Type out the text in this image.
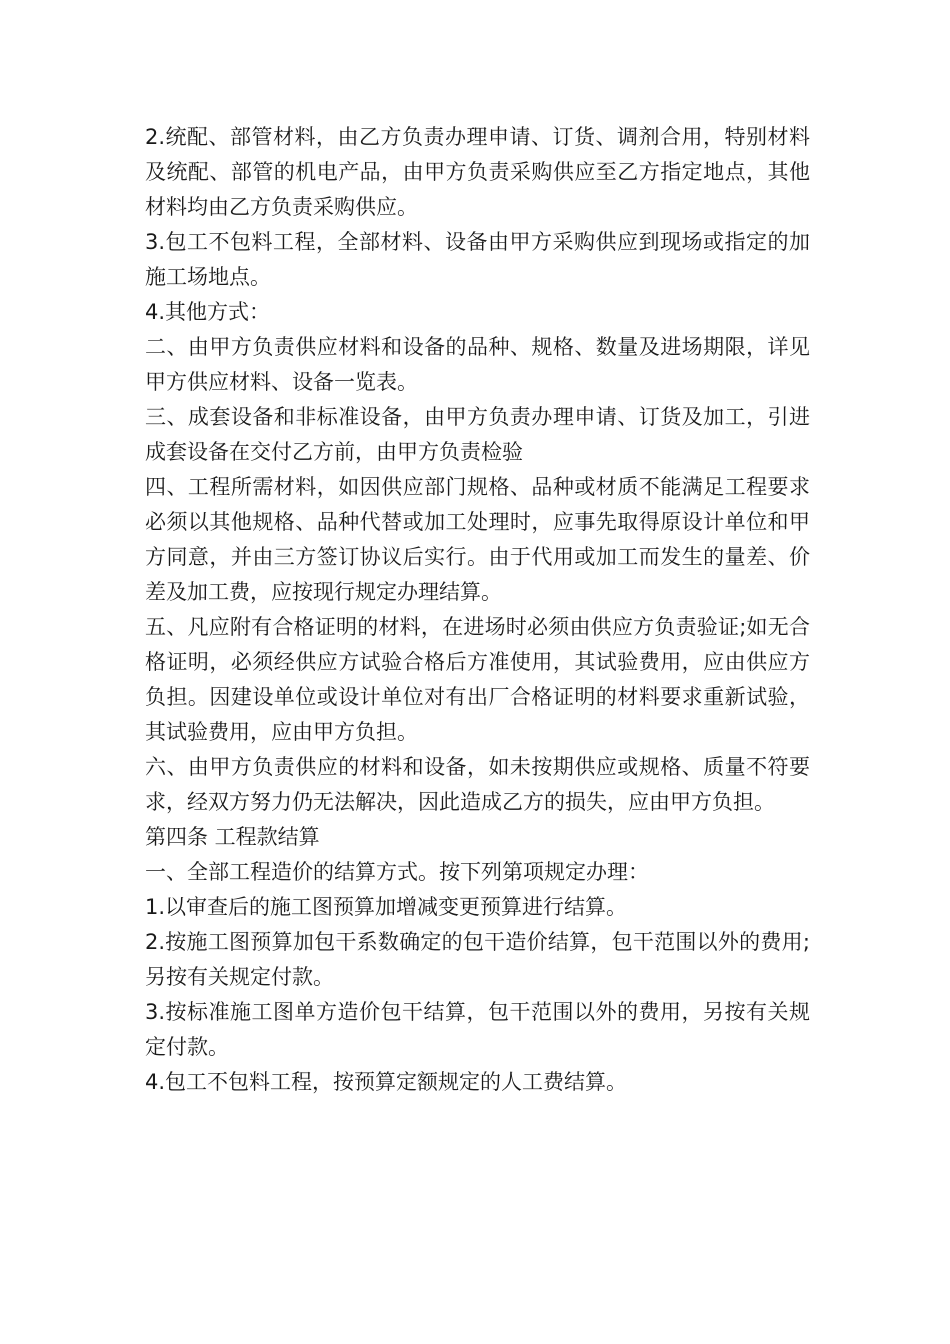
2.统配、部管材料，由乙方负责办理申请、订货、调剂合用，特别材料及统配、部管的机电产品，由甲方负责采购供应至乙方指定地点，其他材料均由乙方负责采购供应。

3.包工不包料工程，全部材料、设备由甲方采购供应到现场或指定的加施工场地点。

4.其他方式：

二、由甲方负责供应材料和设备的品种、规格、数量及进场期限，详见甲方供应材料、设备一览表。

三、成套设备和非标准设备，由甲方负责办理申请、订货及加工，引进成套设备在交付乙方前，由甲方负责检验

四、工程所需材料，如因供应部门规格、品种或材质不能满足工程要求必须以其他规格、品种代替或加工处理时，应事先取得原设计单位和甲方同意，并由三方签订协议后实行。由于代用或加工而发生的量差、价差及加工费，应按现行规定办理结算。

五、凡应附有合格证明的材料，在进场时必须由供应方负责验证;如无合格证明，必须经供应方试验合格后方准使用，其试验费用，应由供应方负担。因建设单位或设计单位对有出厂合格证明的材料要求重新试验，其试验费用，应由甲方负担。

六、由甲方负责供应的材料和设备，如未按期供应或规格、质量不符要求，经双方努力仍无法解决，因此造成乙方的损失，应由甲方负担。

第四条 工程款结算

一、全部工程造价的结算方式。按下列第项规定办理：

1.以审查后的施工图预算加增减变更预算进行结算。

2.按施工图预算加包干系数确定的包干造价结算，包干范围以外的费用;另按有关规定付款。

3.按标准施工图单方造价包干结算，包干范围以外的费用，另按有关规定付款。

4.包工不包料工程，按预算定额规定的人工费结算。
